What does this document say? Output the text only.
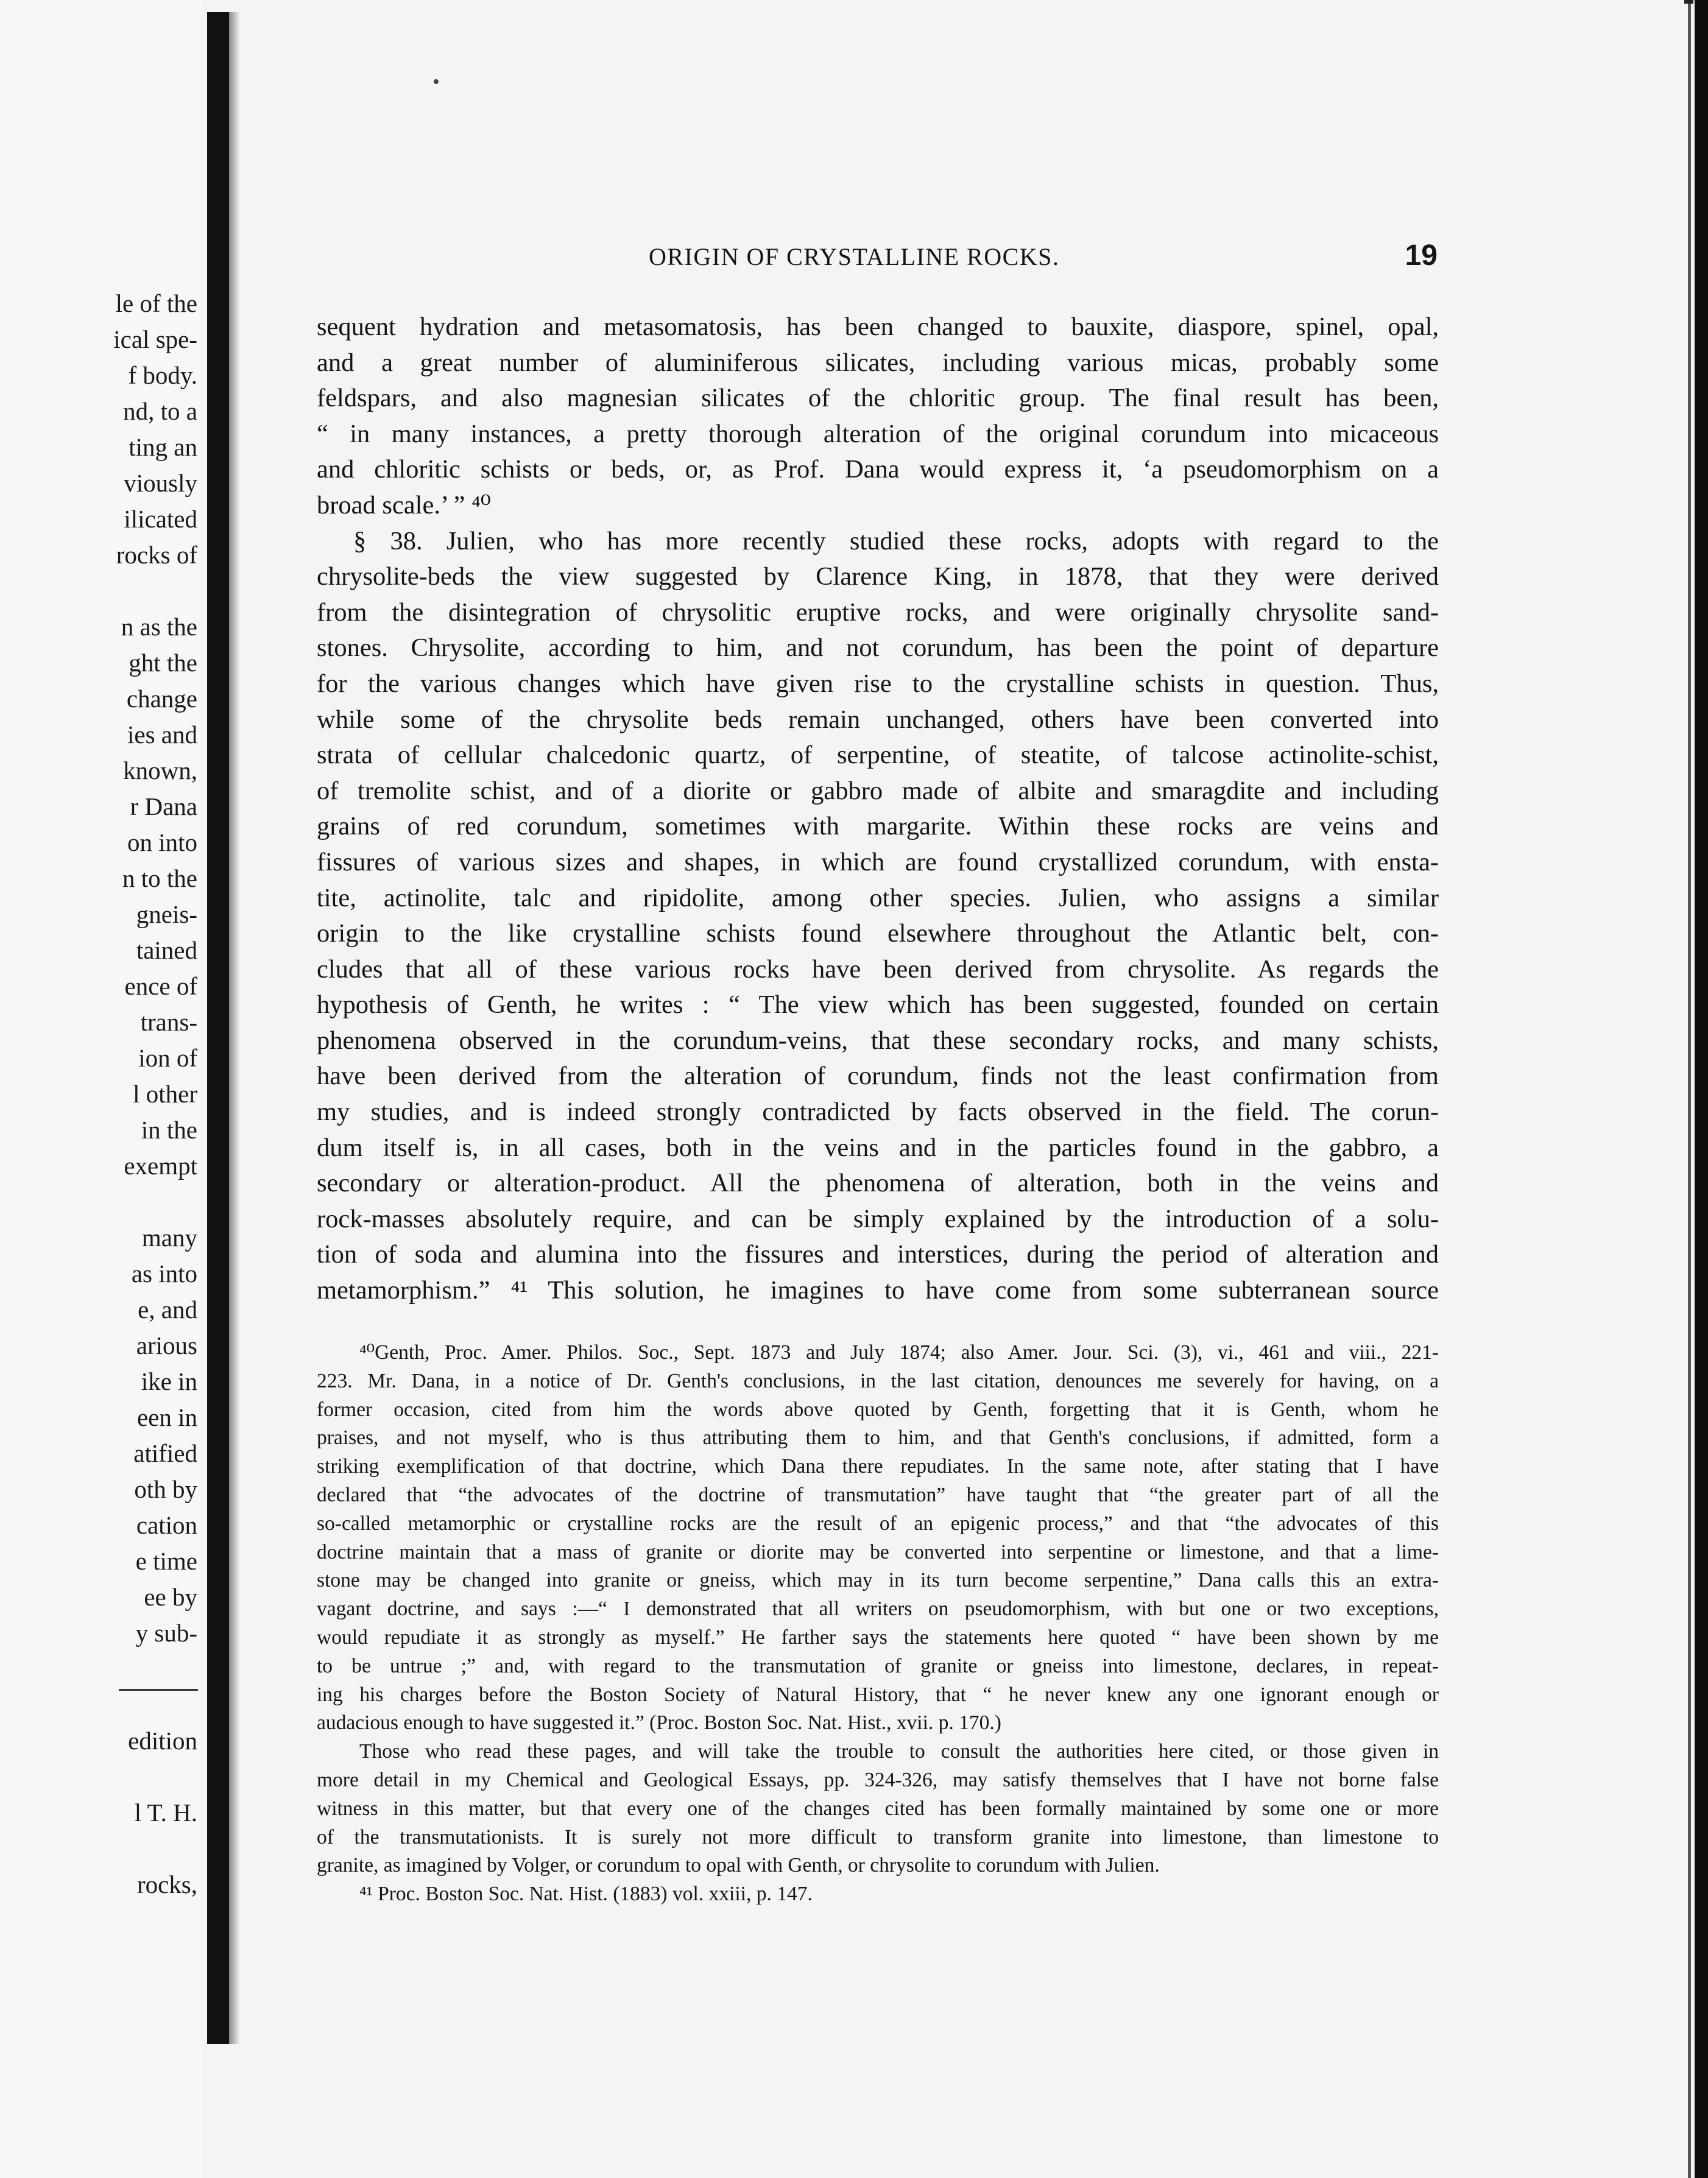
le of the
ical spe-
f body.
nd, to a
ting an
viously
ilicated
rocks of
n as the
ght the
change
ies and
known,
r Dana
on into
n to the
gneis-
tained
ence of
trans-
ion of
l other
in the
exempt
many
as into
e, and
arious
ike in
een in
atified
oth by
cation
e time
ee by
y sub-
edition
l T. H.
rocks,
ORIGIN OF CRYSTALLINE ROCKS.	19
sequent hydration and metasomatosis, has been changed to bauxite, diaspore, spinel, opal,
and a great number of aluminiferous silicates, including various micas, probably some
feldspars, and also magnesian silicates of the chloritic group. The final result has been,
“ in many instances, a pretty thorough alteration of the original corundum into micaceous
and chloritic schists or beds, or, as Prof. Dana would express it, ‘a pseudomorphism on a
broad scale.’ ” ⁴⁰
§ 38. Julien, who has more recently studied these rocks, adopts with regard to the
chrysolite-beds the view suggested by Clarence King, in 1878, that they were derived
from the disintegration of chrysolitic eruptive rocks, and were originally chrysolite sand-
stones. Chrysolite, according to him, and not corundum, has been the point of departure
for the various changes which have given rise to the crystalline schists in question. Thus,
while some of the chrysolite beds remain unchanged, others have been converted into
strata of cellular chalcedonic quartz, of serpentine, of steatite, of talcose actinolite-schist,
of tremolite schist, and of a diorite or gabbro made of albite and smaragdite and including
grains of red corundum, sometimes with margarite. Within these rocks are veins and
fissures of various sizes and shapes, in which are found crystallized corundum, with ensta-
tite, actinolite, talc and ripidolite, among other species. Julien, who assigns a similar
origin to the like crystalline schists found elsewhere throughout the Atlantic belt, con-
cludes that all of these various rocks have been derived from chrysolite. As regards the
hypothesis of Genth, he writes : “ The view which has been suggested, founded on certain
phenomena observed in the corundum-veins, that these secondary rocks, and many schists,
have been derived from the alteration of corundum, finds not the least confirmation from
my studies, and is indeed strongly contradicted by facts observed in the field. The corun-
dum itself is, in all cases, both in the veins and in the particles found in the gabbro, a
secondary or alteration-product. All the phenomena of alteration, both in the veins and
rock-masses absolutely require, and can be simply explained by the introduction of a solu-
tion of soda and alumina into the fissures and interstices, during the period of alteration and
metamorphism.” ⁴¹ This solution, he imagines to have come from some subterranean source
⁴⁰Genth, Proc. Amer. Philos. Soc., Sept. 1873 and July 1874; also Amer. Jour. Sci. (3), vi., 461 and viii., 221-
223. Mr. Dana, in a notice of Dr. Genth's conclusions, in the last citation, denounces me severely for having, on a
former occasion, cited from him the words above quoted by Genth, forgetting that it is Genth, whom he
praises, and not myself, who is thus attributing them to him, and that Genth's conclusions, if admitted, form a
striking exemplification of that doctrine, which Dana there repudiates. In the same note, after stating that I have
declared that “the advocates of the doctrine of transmutation” have taught that “the greater part of all the
so-called metamorphic or crystalline rocks are the result of an epigenic process,” and that “the advocates of this
doctrine maintain that a mass of granite or diorite may be converted into serpentine or limestone, and that a lime-
stone may be changed into granite or gneiss, which may in its turn become serpentine,” Dana calls this an extra-
vagant doctrine, and says :—“ I demonstrated that all writers on pseudomorphism, with but one or two exceptions,
would repudiate it as strongly as myself.” He farther says the statements here quoted “ have been shown by me
to be untrue ;” and, with regard to the transmutation of granite or gneiss into limestone, declares, in repeat-
ing his charges before the Boston Society of Natural History, that “ he never knew any one ignorant enough or
audacious enough to have suggested it.” (Proc. Boston Soc. Nat. Hist., xvii. p. 170.)
Those who read these pages, and will take the trouble to consult the authorities here cited, or those given in
more detail in my Chemical and Geological Essays, pp. 324-326, may satisfy themselves that I have not borne false
witness in this matter, but that every one of the changes cited has been formally maintained by some one or more
of the transmutationists. It is surely not more difficult to transform granite into limestone, than limestone to
granite, as imagined by Volger, or corundum to opal with Genth, or chrysolite to corundum with Julien.
⁴¹ Proc. Boston Soc. Nat. Hist. (1883) vol. xxiii, p. 147.
